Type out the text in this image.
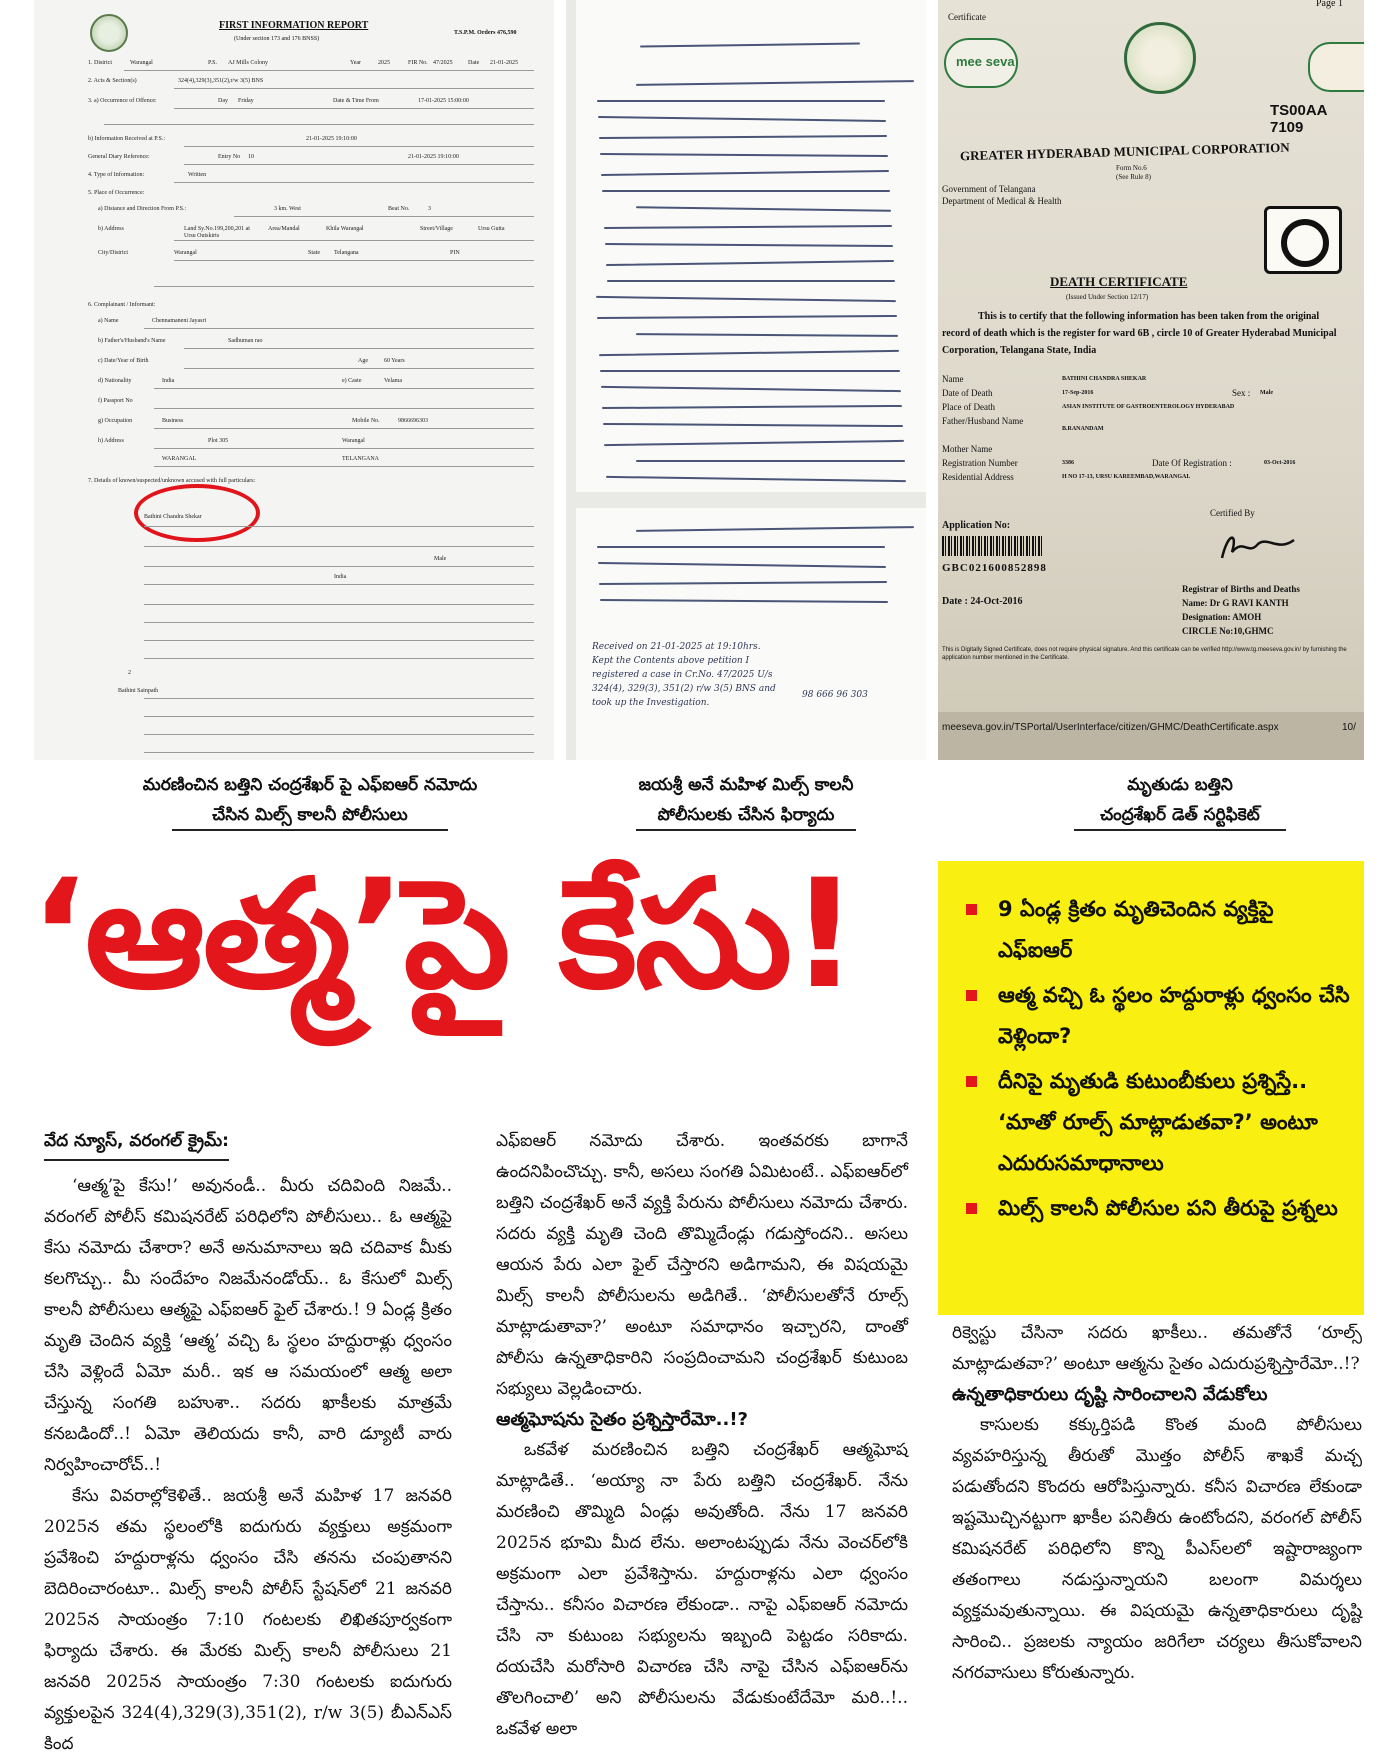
FIRST INFORMATION REPORT
(Under section 173 and 176 BNSS)
T.S.P.M. Orders 476,590
1. District	Warangal	P.S. AJ Mills Colony	Year	2025	FIR No. 47/2025	Date 21-01-2025
2. Acts & Section(s)	324(4),329(3),351(2),r/w 3(5) BNS
3. a) Occurrence of Offence:	Day Friday	Date & Time From	17-01-2025 15:00:00
b) Information Received at P.S.:	21-01-2025 19:10:00
General Diary Reference:	Entry No 10	21-01-2025 19:10:00
4. Type of Information:	Written
5. Place of Occurrence:
a) Distance and Direction From P.S.:	3 km. West	Beat No.	3
b) Address	Land Sy.No.199,200,201 at Ursu Outskirts
Area/Mandal	Khila Warangal	Street/Village	Ursu Gutta
City/District	Warangal	State Telangana	PIN
6. Complainant / Informant:
a) Name	Chennamaneni Jayasri
b) Father's/Husband's Name	Sadhuman rao
c) Date/Year of Birth	Age	60 Years
d) Nationality	India	e) Caste	Velama
f) Passport No
g) Occupation	Business	Mobile No.	9866696303
h) Address	Plot 305	Warangal
WARANGAL	TELANGANA
7. Details of known/suspected/unknown accused with full particulars:
Bathini Chandra Shekar
Male
India
2
Bathini Sainpath
Received on 21-01-2025 at 19:10hrs. Kept the Contents above petition I registered a case in Cr.No. 47/2025 U/s 324(4), 329(3), 351(2) r/w 3(5) BNS and took up the Investigation.
98 666 96 303
Page 1
Certificate
mee seva
TS00AA 7109
GREATER HYDERABAD MUNICIPAL CORPORATION
Form No.6
(See Rule 8)
Government of Telangana
Department of Medical & Health
DEATH CERTIFICATE
(Issued Under Section 12/17)
This is to certify that the following information has been taken from the original record of death which is the register for ward 6B , circle 10 of Greater Hyderabad Municipal Corporation, Telangana State, India
Name	BATHINI CHANDRA SHEKAR
Date of Death	17-Sep-2016	Sex : Male
Place of Death	ASIAN INSTITUTE OF GASTROENTEROLOGY HYDERABAD
Father/Husband Name
B.RANANDAM
Mother Name
Registration Number	3386	Date Of Registration :	03-Oct-2016
Residential Address	H NO 17-13, URSU KAREEMBAD,WARANGAL
Certified By
Application No:
GBC021600852898
Date : 24-Oct-2016
Registrar of Births and Deaths
Name: Dr G RAVI KANTH
Designation: AMOH
CIRCLE No:10,GHMC
This is Digitally Signed Certificate, does not require physical signature. And this certificate can be verified http://www.tg.meeseva.gov.in/ by furnishing the application number mentioned in the Certificate.
meeseva.gov.in/TSPortal/UserInterface/citizen/GHMC/DeathCertificate.aspx	10/
మరణించిన బత్తిని చంద్రశేఖర్‌ పై ఎఫ్‌ఐఆర్‌ నమోదు
చేసిన మిల్స్‌ కాలనీ పోలీసులు
జయశ్రీ అనే మహిళ మిల్స్‌ కాలనీ
పోలీసులకు చేసిన ఫిర్యాదు
మృతుడు బత్తిని
చంద్రశేఖర్‌ డెత్‌ సర్టిఫికెట్‌
‘ఆత్మ’పై కేసు!	9 ఏండ్ల క్రితం మృతిచెందిన వ్యక్తిపై ఎఫ్‌ఐఆర్‌
ఆత్మ వచ్చి ఓ స్థలం హద్దురాళ్లు ధ్వంసం చేసి వెళ్లిందా?
దీనిపై మృతుడి కుటుంబీకులు ప్రశ్నిస్తే.. ‘మాతో రూల్స్‌ మాట్లాడుతవా?’ అంటూ ఎదురుసమాధానాలు
మిల్స్‌ కాలనీ పోలీసుల పని తీరుపై ప్రశ్నలు
వేద న్యూస్‌, వరంగల్‌ క్రైమ్‌:

‘ఆత్మ’పై కేసు!’ అవునండీ.. మీరు చదివింది నిజమే.. వరంగల్‌ పోలీస్‌ కమిషనరేట్‌ పరిధిలోని పోలీసులు.. ఓ ఆత్మపై కేసు నమోదు చేశారా? అనే అనుమానాలు ఇది చదివాక మీకు కలగొచ్చు.. మీ సందేహం నిజమేనండోయ్‌.. ఓ కేసులో మిల్స్‌ కాలనీ పోలీసులు ఆత్మపై ఎఫ్‌ఐఆర్‌ ఫైల్‌ చేశారు.! 9 ఏండ్ల క్రితం మృతి చెందిన వ్యక్తి ‘ఆత్మ’ వచ్చి ఓ స్థలం హద్దురాళ్లు ధ్వంసం చేసి వెళ్లిందే ఏమో మరీ.. ఇక ఆ సమయంలో ఆత్మ అలా చేస్తున్న సంగతి బహుశా.. సదరు ఖాకీలకు మాత్రమే కనబడిందో..! ఏమో తెలియదు కానీ, వారి డ్యూటీ వారు నిర్వహించారోచ్‌..!

కేసు వివరాల్లోకెళితే.. జయశ్రీ అనే మహిళ 17 జనవరి 2025న తమ స్థలంలోకి ఐదుగురు వ్యక్తులు అక్రమంగా ప్రవేశించి హద్దురాళ్లను ధ్వంసం చేసి తనను చంపుతానని బెదిరించారంటూ.. మిల్స్‌ కాలనీ పోలీస్‌ స్టేషన్‌లో 21 జనవరి 2025న సాయంత్రం 7:10 గంటలకు లిఖితపూర్వకంగా ఫిర్యాదు చేశారు. ఈ మేరకు మిల్స్‌ కాలనీ పోలీసులు 21 జనవరి 2025న సాయంత్రం 7:30 గంటలకు ఐదుగురు వ్యక్తులపైన 324(4),329(3),351(2), r/w 3(5) బీఎన్‌ఎస్‌ కింద

ఎఫ్‌ఐఆర్‌ నమోదు చేశారు. ఇంతవరకు బాగానే ఉందనిపించొచ్చు. కానీ, అసలు సంగతి ఏమిటంటే.. ఎఫ్‌ఐఆర్‌లో బత్తిని చంద్రశేఖర్‌ అనే వ్యక్తి పేరును పోలీసులు నమోదు చేశారు. సదరు వ్యక్తి మృతి చెంది తొమ్మిదేండ్లు గడుస్తోందని.. అసలు ఆయన పేరు ఎలా ఫైల్‌ చేస్తారని అడిగామని, ఈ విషయమై మిల్స్‌ కాలనీ పోలీసులను అడిగితే.. ‘పోలీసులతోనే రూల్స్‌ మాట్లాడుతావా?’ అంటూ సమాధానం ఇచ్చారని, దాంతో పోలీసు ఉన్నతాధికారిని సంప్రదించామని చంద్రశేఖర్‌ కుటుంబ సభ్యులు వెల్లడించారు.

ఆత్మఘోషను సైతం ప్రశ్నిస్తారేమో..!?

ఒకవేళ మరణించిన బత్తిని చంద్రశేఖర్‌ ఆత్మఘోష మాట్లాడితే.. ‘అయ్యా నా పేరు బత్తిని చంద్రశేఖర్‌. నేను మరణించి తొమ్మిది ఏండ్లు అవుతోంది. నేను 17 జనవరి 2025న భూమి మీద లేను. అలాంటప్పుడు నేను వెంచర్‌లోకి అక్రమంగా ఎలా ప్రవేశిస్తాను. హద్దురాళ్లను ఎలా ధ్వంసం చేస్తాను.. కనీసం విచారణ లేకుండా.. నాపై ఎఫ్‌ఐఆర్‌ నమోదు చేసి నా కుటుంబ సభ్యులను ఇబ్బంది పెట్టడం సరికాదు. దయచేసి మరోసారి విచారణ చేసి నాపై చేసిన ఎఫ్‌ఐఆర్‌ను తొలగించాలి’ అని పోలీసులను వేడుకుంటేదేమో మరి..!.. ఒకవేళ అలా

రిక్వెస్టు చేసినా సదరు ఖాకీలు.. తమతోనే ‘రూల్స్‌ మాట్లాడుతవా?’ అంటూ ఆత్మను సైతం ఎదురుప్రశ్నిస్తారేమో..!?

ఉన్నతాధికారులు దృష్టి సారించాలని వేడుకోలు

కాసులకు కక్కుర్తిపడి కొంత మంది పోలీసులు వ్యవహరిస్తున్న తీరుతో మొత్తం పోలీస్‌ శాఖకే మచ్చ పడుతోందని కొందరు ఆరోపిస్తున్నారు. కనీస విచారణ లేకుండా ఇష్టమొచ్చినట్టుగా ఖాకీల పనితీరు ఉంటోందని, వరంగల్‌ పోలీస్‌ కమిషనరేట్‌ పరిధిలోని కొన్ని పీఎస్‌లలో ఇష్టారాజ్యంగా తతంగాలు నడుస్తున్నాయని బలంగా విమర్శలు వ్యక్తమవుతున్నాయి. ఈ విషయమై ఉన్నతాధికారులు దృష్టి సారించి.. ప్రజలకు న్యాయం జరిగేలా చర్యలు తీసుకోవాలని నగరవాసులు కోరుతున్నారు.
